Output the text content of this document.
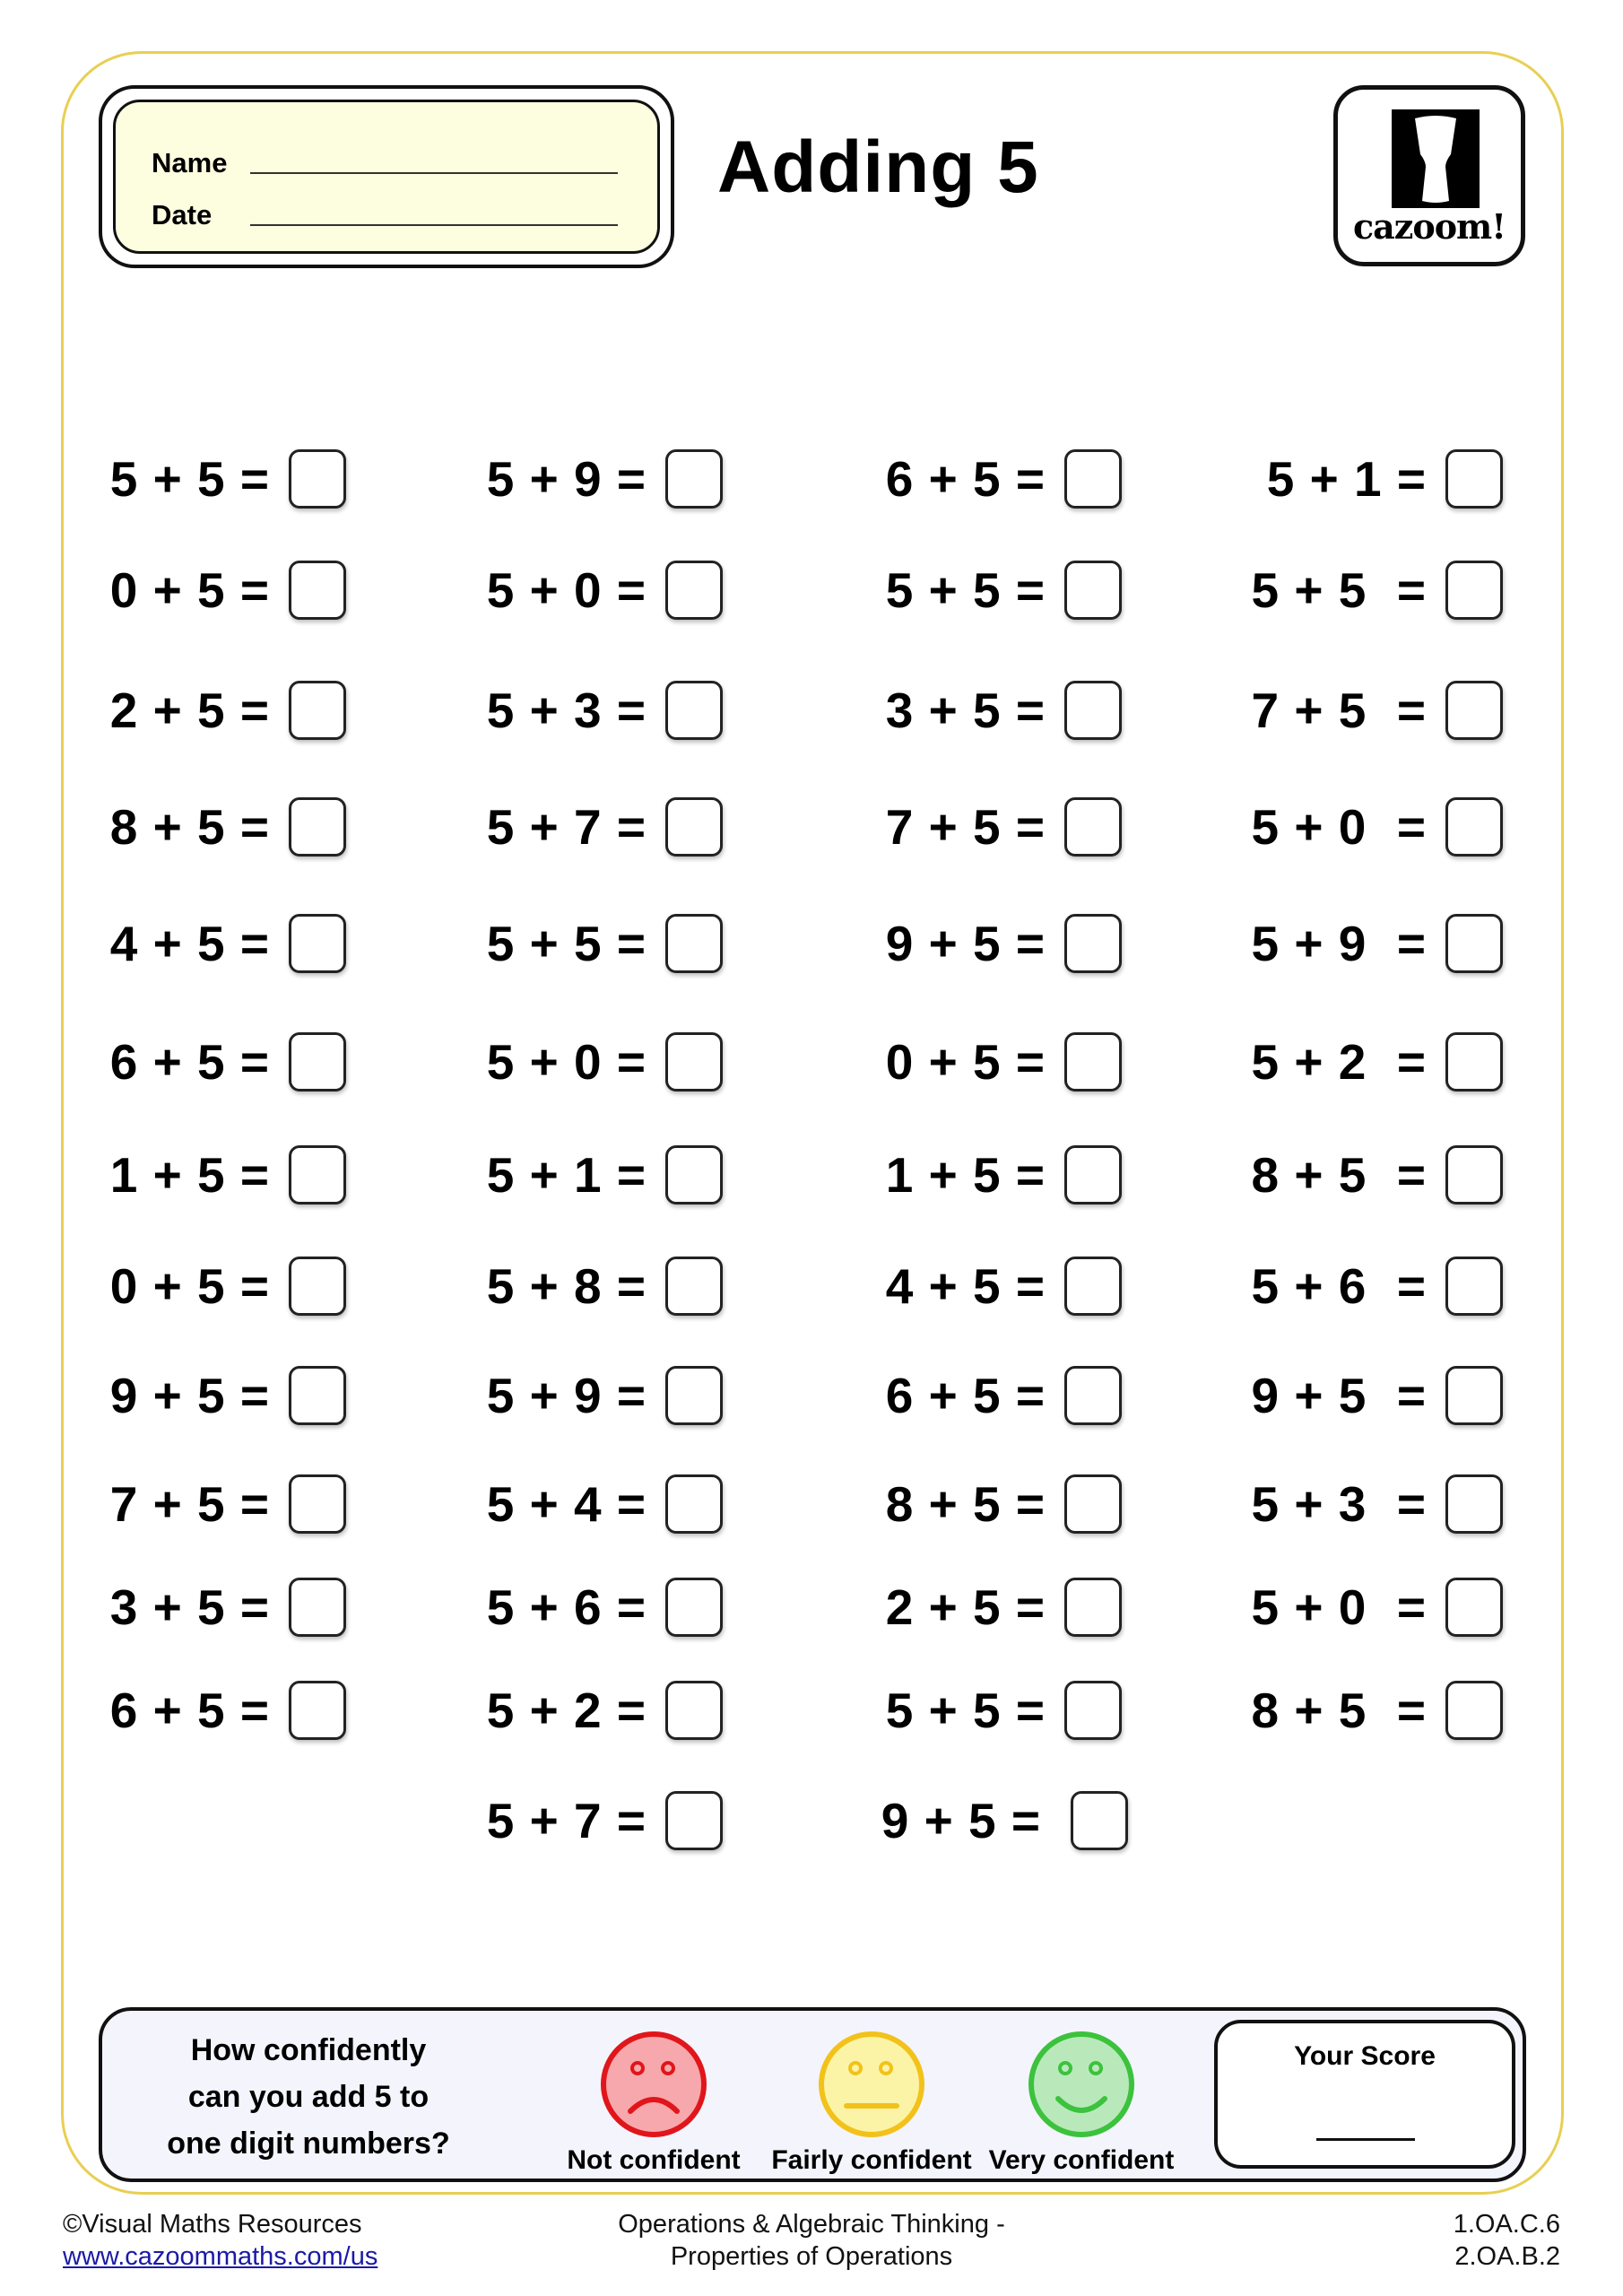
Name
Date
Adding 5
cazoom!
5 + 5 =
0 + 5 =
2 + 5 =
8 + 5 =
4 + 5 =
6 + 5 =
1 + 5 =
0 + 5 =
9 + 5 =
7 + 5 =
3 + 5 =
6 + 5 =
5 + 9 =
5 + 0 =
5 + 3 =
5 + 7 =
5 + 5 =
5 + 0 =
5 + 1 =
5 + 8 =
5 + 9 =
5 + 4 =
5 + 6 =
5 + 2 =
5 + 7 =
6 + 5 =
5 + 5 =
3 + 5 =
7 + 5 =
9 + 5 =
0 + 5 =
1 + 5 =
4 + 5 =
6 + 5 =
8 + 5 =
2 + 5 =
5 + 5 =
9 + 5 =
5 + 1 =
5 + 5  =
7 + 5  =
5 + 0  =
5 + 9  =
5 + 2  =
8 + 5  =
5 + 6  =
9 + 5  =
5 + 3  =
5 + 0  =
8 + 5  =
How confidently
can you add 5 to
one digit numbers?	Not confident	Fairly confident Very confident
Your Score
©Visual Maths Resources
www.cazoommaths.com/us
Operations & Algebraic Thinking -
Properties of Operations
1.OA.C.6
2.OA.B.2
